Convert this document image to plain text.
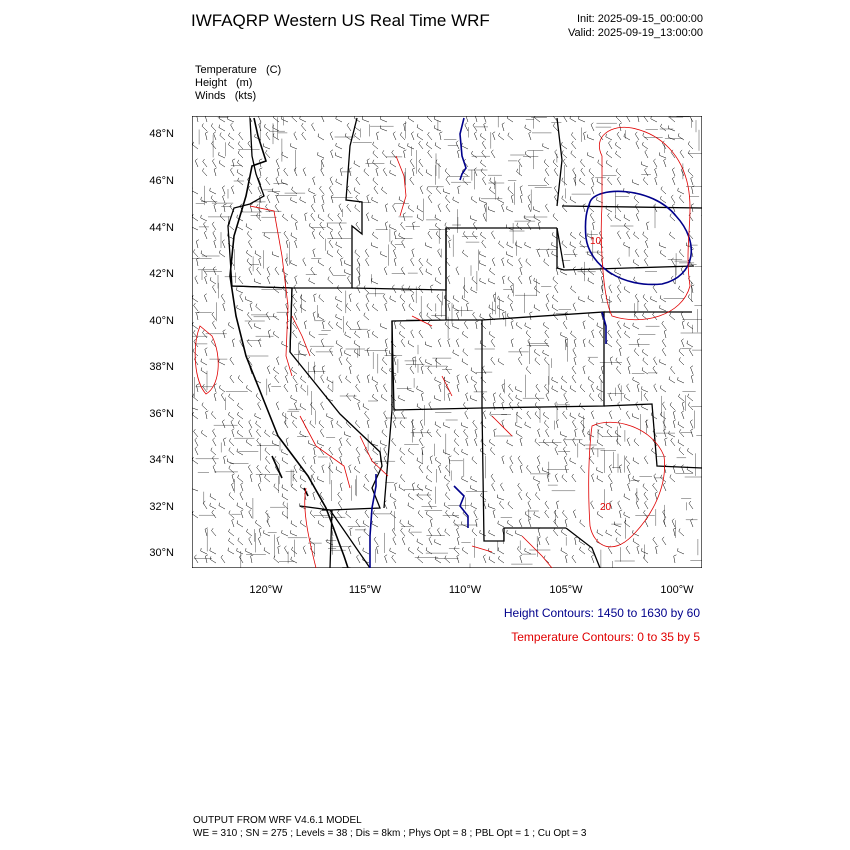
IWFAQRP Western US Real Time WRF	Init: 2025-09-15_00:00:00
Valid: 2025-09-19_13:00:00
Temperature (C)
Height (m)
Winds (kts)
48°N
46°N
44°N
42°N
40°N
38°N
36°N
34°N
32°N
30°N
120°W	115°W	110°W	105°W	100°W
10
20
Height Contours: 1450 to 1630 by 60
Temperature Contours: 0 to 35 by 5
OUTPUT FROM WRF V4.6.1 MODEL
WE = 310 ; SN = 275 ; Levels = 38 ; Dis = 8km ; Phys Opt = 8 ; PBL Opt = 1 ; Cu Opt = 3
